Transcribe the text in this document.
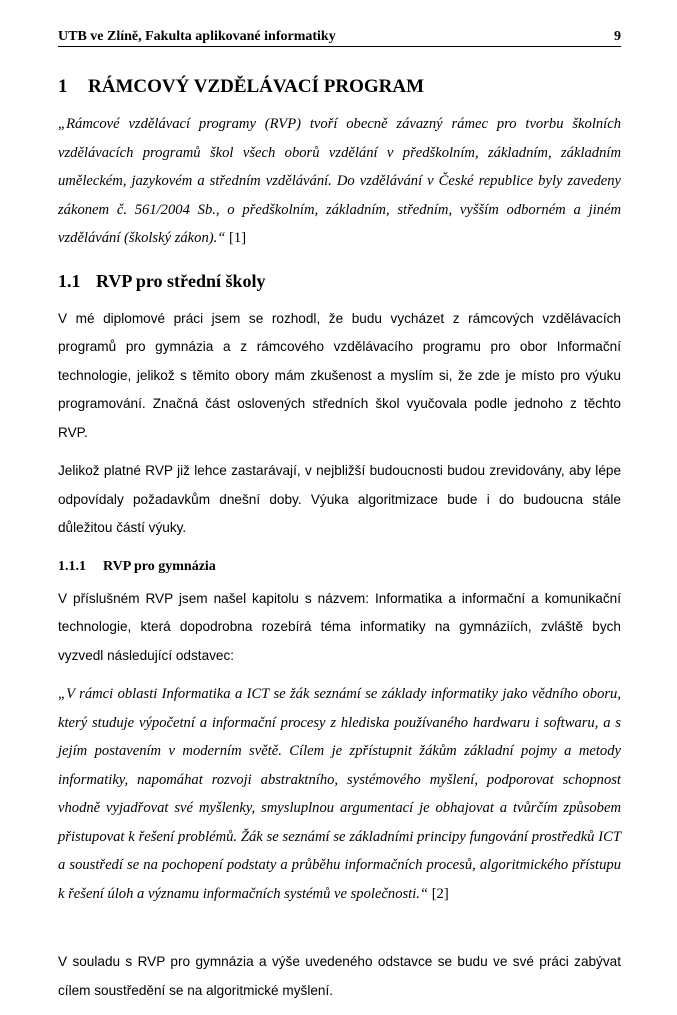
UTB ve Zlíně, Fakulta aplikované informatiky	9
1 RÁMCOVÝ VZDĚLÁVACÍ PROGRAM

„Rámcové vzdělávací programy (RVP) tvoří obecně závazný rámec pro tvorbu školních vzdělávacích programů škol všech oborů vzdělání v předškolním, základním, základním uměleckém, jazykovém a středním vzdělávání. Do vzdělávání v České republice byly zavedeny zákonem č. 561/2004 Sb., o předškolním, základním, středním, vyšším odborném a jiném vzdělávání (školský zákon).“ [1]

1.1 RVP pro střední školy

V mé diplomové práci jsem se rozhodl, že budu vycházet z rámcových vzdělávacích programů pro gymnázia a z rámcového vzdělávacího programu pro obor Informační technologie, jelikož s těmito obory mám zkušenost a myslím si, že zde je místo pro výuku programování. Značná část oslovených středních škol vyučovala podle jednoho z těchto RVP.

Jelikož platné RVP již lehce zastarávají, v nejbližší budoucnosti budou zrevidovány, aby lépe odpovídaly požadavkům dnešní doby. Výuka algoritmizace bude i do budoucna stále důležitou částí výuky.

1.1.1 RVP pro gymnázia

V příslušném RVP jsem našel kapitolu s názvem: Informatika a informační a komunikační technologie, která dopodrobna rozebírá téma informatiky na gymnáziích, zvláště bych vyzvedl následující odstavec:

„V rámci oblasti Informatika a ICT se žák seznámí se základy informatiky jako vědního oboru, který studuje výpočetní a informační procesy z hlediska používaného hardwaru i softwaru, a s jejím postavením v moderním světě. Cílem je zpřístupnit žákům základní pojmy a metody informatiky, napomáhat rozvoji abstraktního, systémového myšlení, podporovat schopnost vhodně vyjadřovat své myšlenky, smysluplnou argumentací je obhajovat a tvůrčím způsobem přistupovat k řešení problémů. Žák se seznámí se základními principy fungování prostředků ICT a soustředí se na pochopení podstaty a průběhu informačních procesů, algoritmického přístupu k řešení úloh a významu informačních systémů ve společnosti.“ [2]

V souladu s RVP pro gymnázia a výše uvedeného odstavce se budu ve své práci zabývat cílem soustředění se na algoritmické myšlení.
